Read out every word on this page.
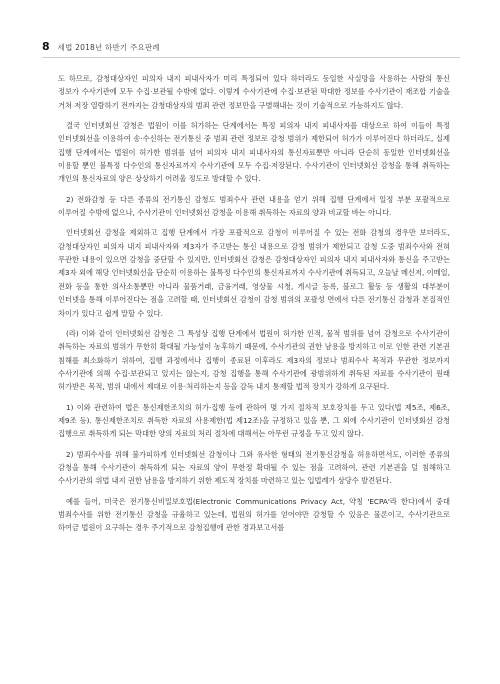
8 세법 2018년 하반기 주요판례

도 하므로, 감청대상자인 피의자 내지 피내사자가 미리 특정되어 있다 하더라도 동일한 사실망을 사용하는 사람의 통신 정보가 수사기관에 모두 수집·보관될 수밖에 없다. 이렇게 수사기관에 수집·보관된 막대한 정보를 수사기관이 재조합 기술을 거쳐 저장 열람하기 전까지는 감청대상자의 범죄 관련 정보만을 구별해내는 것이 기술적으로 가능하지도 않다.

결국 인터넷회선 감청은 법원이 이를 허가하는 단계에서는 특정 피의자 내지 피내사자를 대상으로 하여 이들이 특정 인터넷회선을 이용하여 송·수신하는 전기통신 중 범죄 관련 정보로 감청 범위가 제한되어 허가가 이루어진다 하더라도, 실제 집행 단계에서는 법원이 허가한 범위를 넘어 피의자 내지 피내사자의 통신자료뿐만 아니라 단순히 동일한 인터넷회선을 이용할 뿐인 불특정 다수인의 통신자료까지 수사기관에 모두 수집·저장된다. 수사기관이 인터넷회선 감청을 통해 취득하는 개인의 통신자료의 양은 상상하기 어려울 정도로 방대할 수 있다.

2) 전화감청 등 다른 종류의 전기통신 감청도 범죄수사 관련 내용을 얻기 위해 집행 단계에서 일정 부분 포괄적으로 이루어질 수밖에 없으나, 수사기관이 인터넷회선 감청을 이용해 취득하는 자료의 양과 비교할 바는 아니다.

인터넷회선 감청을 제외하고 집행 단계에서 가장 포괄적으로 감청이 이루어질 수 있는 전화 감청의 경우만 보더라도, 감청대상자인 피의자 내지 피내사자와 제3자가 주고받는 통신 내용으로 감청 범위가 제한되고 감청 도중 범죄수사와 전혀 무관한 내용이 있으면 감청을 중단할 수 있지만, 인터넷회선 감청은 감청대상자인 피의자 내지 피내사자와 통신을 주고받는 제3자 외에 해당 인터넷회선을 단순히 이용하는 불특정 다수인의 통신자료까지 수사기관에 취득되고, 오늘날 메신저, 이메일, 전화 등을 통한 의사소통뿐만 아니라 물품거래, 금융거래, 영상물 시청, 게시글 등록, 블로그 활동 등 생활의 대부분이 인터넷을 통해 이루어진다는 점을 고려할 때, 인터넷회선 감청이 감청 범위의 포괄성 면에서 다른 전기통신 감청과 본질적인 차이가 있다고 쉽게 말할 수 있다.

(라) 이와 같이 인터넷회선 감청은 그 특성상 집행 단계에서 법원이 허가한 인적, 물적 범위를 넘어 감청으로 수사기관이 취득하는 자료의 범위가 무한히 확대될 가능성이 농후하기 때문에, 수사기관의 권한 남용을 방지하고 이로 인한 관련 기본권 침해를 최소화하기 위하여, 집행 과정에서나 집행이 종료된 이후라도 제3자의 정보나 범죄수사 목적과 무관한 정보까지 수사기관에 의해 수집·보관되고 있지는 않는지, 감청 집행을 통해 수사기관에 광범위하게 취득된 자료를 수사기관이 원래 허가받은 목적, 범위 내에서 제대로 이용·처리하는지 등을 감독 내지 통제할 법적 장치가 강하게 요구된다.

1) 이와 관련하여 법은 통신제한조치의 허가·집행 등에 관하여 몇 가지 절차적 보호장치를 두고 있다(법 제5조, 제6조, 제9조 등). 통신제한조치로 취득한 자료의 사용제한(법 제12조)을 규정하고 있을 뿐, 그 외에 수사기관이 인터넷회선 감청 집행으로 취득하게 되는 막대한 양의 자료의 처리 절차에 대해서는 아무런 규정을 두고 있지 않다.

2) 범죄수사를 위해 불가피하게 인터넷회선 감청이나 그와 유사한 형태의 전기통신감청을 허용하면서도, 이러한 종류의 감청을 통해 수사기관이 취득하게 되는 자료의 양이 무한정 확대될 수 있는 점을 고려하여, 관련 기본권을 덜 침해하고 수사기관의 위법 내지 권한 남용을 방지하기 위한 제도적 장치를 마련하고 있는 입법례가 상당수 발견된다.

예를 들어, 미국은 전기통신비밀보호법(Electronic Communications Privacy Act, 약칭 'ECPA'라 한다)에서 중대 범죄수사를 위한 전기통신 감청을 규율하고 있는데, 법원의 허가를 얻어야만 감청할 수 있음은 물론이고, 수사기관으로 하여금 법원이 요구하는 경우 주기적으로 감청집행에 관한 경과보고서를
